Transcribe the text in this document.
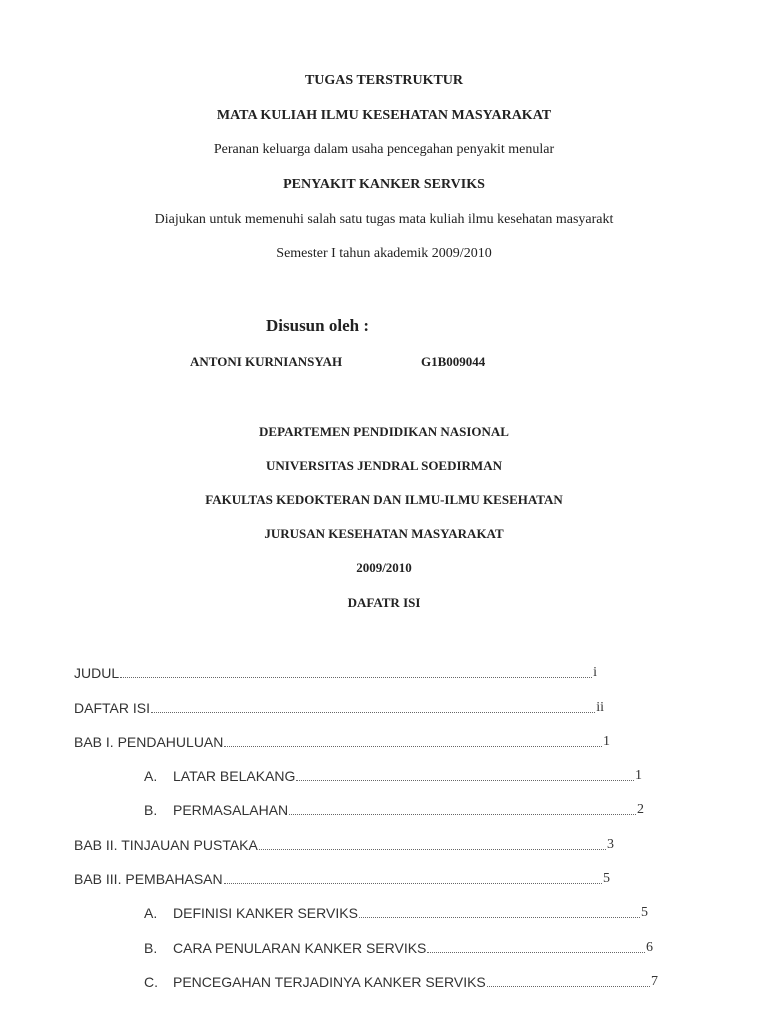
TUGAS TERSTRUKTUR
MATA KULIAH ILMU KESEHATAN MASYARAKAT
Peranan keluarga dalam usaha pencegahan penyakit menular
PENYAKIT KANKER SERVIKS
Diajukan untuk memenuhi salah satu tugas mata kuliah ilmu kesehatan masyarakt
Semester I tahun akademik 2009/2010
Disusun oleh :
ANTONI KURNIANSYAH	G1B009044
DEPARTEMEN PENDIDIKAN NASIONAL
UNIVERSITAS JENDRAL SOEDIRMAN
FAKULTAS KEDOKTERAN DAN ILMU-ILMU KESEHATAN
JURUSAN KESEHATAN MASYARAKAT
2009/2010
DAFATR ISI
JUDUL	i
DAFTAR ISI	ii
BAB I. PENDAHULUAN	1
A. LATAR BELAKANG	1
B. PERMASALAHAN	2
BAB II. TINJAUAN PUSTAKA	3
BAB III. PEMBAHASAN	5
A. DEFINISI KANKER SERVIKS	5
B. CARA PENULARAN KANKER SERVIKS	6
C. PENCEGAHAN TERJADINYA KANKER SERVIKS	7
